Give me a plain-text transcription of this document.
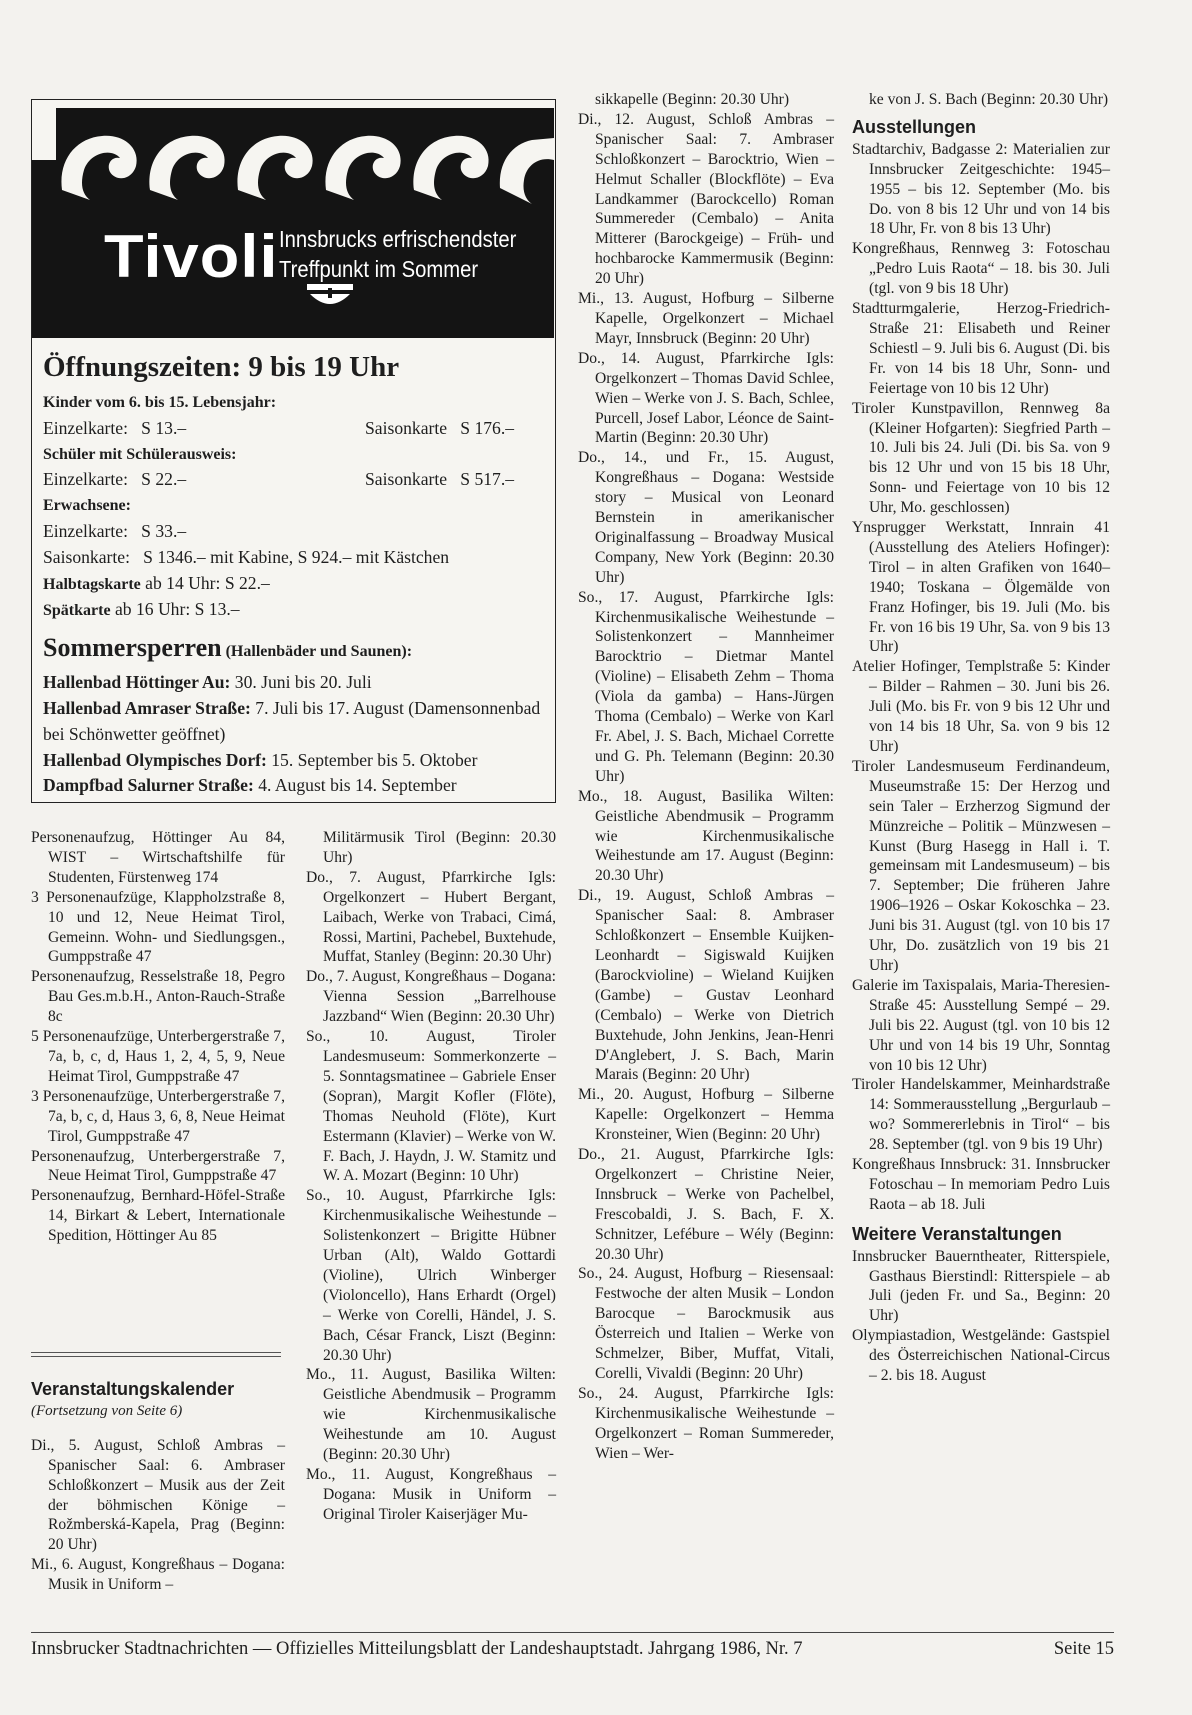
Tivoli Innsbrucks erfrischendster
Treffpunkt im Sommer

Öffnungszeiten: 9 bis 19 Uhr

Kinder vom 6. bis 15. Lebensjahr:

Einzelkarte:   S 13.–	Saisonkarte   S 176.–

Schüler mit Schülerausweis:

Einzelkarte:   S 22.–	Saisonkarte   S 517.–

Erwachsene:

Einzelkarte:   S 33.–

Saisonkarte:   S 1346.– mit Kabine, S 924.– mit Kästchen

Halbtagskarte ab 14 Uhr: S 22.–

Spätkarte ab 16 Uhr: S 13.–

Sommersperren (Hallenbäder und Saunen):

Hallenbad Höttinger Au: 30. Juni bis 20. Juli

Hallenbad Amraser Straße: 7. Juli bis 17. August (Damensonnenbad bei Schönwetter geöffnet)

Hallenbad Olympisches Dorf: 15. September bis 5. Oktober

Dampfbad Salurner Straße: 4. August bis 14. September

Personenaufzug, Höttinger Au 84, WIST – Wirtschaftshilfe für Studenten, Fürstenweg 174

3 Personenaufzüge, Klappholzstraße 8, 10 und 12, Neue Heimat Tirol, Gemeinn. Wohn- und Siedlungsgen., Gumppstraße 47

Personenaufzug, Resselstraße 18, Pegro Bau Ges.m.b.H., Anton-Rauch-Straße 8c

5 Personenaufzüge, Unterbergerstraße 7, 7a, b, c, d, Haus 1, 2, 4, 5, 9, Neue Heimat Tirol, Gumppstraße 47

3 Personenaufzüge, Unterbergerstraße 7, 7a, b, c, d, Haus 3, 6, 8, Neue Heimat Tirol, Gumppstraße 47

Personenaufzug, Unterbergerstraße 7, Neue Heimat Tirol, Gumppstraße 47

Personenaufzug, Bernhard-Höfel-Straße 14, Birkart & Lebert, Internationale Spedition, Höttinger Au 85

Veranstaltungskalender

(Fortsetzung von Seite 6)

Di., 5. August, Schloß Ambras – Spanischer Saal: 6. Ambraser Schloßkonzert – Musik aus der Zeit der böhmischen Könige – Rožmberská-Kapela, Prag (Beginn: 20 Uhr)

Mi., 6. August, Kongreßhaus – Dogana: Musik in Uniform –

Militärmusik Tirol (Beginn: 20.30 Uhr)

Do., 7. August, Pfarrkirche Igls: Orgelkonzert – Hubert Bergant, Laibach, Werke von Trabaci, Cimá, Rossi, Martini, Pachebel, Buxtehude, Muffat, Stanley (Beginn: 20.30 Uhr)

Do., 7. August, Kongreßhaus – Dogana: Vienna Session „Barrelhouse Jazzband“ Wien (Beginn: 20.30 Uhr)

So., 10. August, Tiroler Landesmuseum: Sommerkonzerte – 5. Sonntagsmatinee – Gabriele Enser (Sopran), Margit Kofler (Flöte), Thomas Neuhold (Flöte), Kurt Estermann (Klavier) – Werke von W. F. Bach, J. Haydn, J. W. Stamitz und W. A. Mozart (Beginn: 10 Uhr)

So., 10. August, Pfarrkirche Igls: Kirchenmusikalische Weihestunde – Solistenkonzert – Brigitte Hübner Urban (Alt), Waldo Gottardi (Violine), Ulrich Winberger (Violoncello), Hans Erhardt (Orgel) – Werke von Corelli, Händel, J. S. Bach, César Franck, Liszt (Beginn: 20.30 Uhr)

Mo., 11. August, Basilika Wilten: Geistliche Abendmusik – Programm wie Kirchenmusikalische Weihestunde am 10. August (Beginn: 20.30 Uhr)

Mo., 11. August, Kongreßhaus – Dogana: Musik in Uniform – Original Tiroler Kaiserjäger Mu-

sikkapelle (Beginn: 20.30 Uhr)

Di., 12. August, Schloß Ambras – Spanischer Saal: 7. Ambraser Schloßkonzert – Barocktrio, Wien – Helmut Schaller (Blockflöte) – Eva Landkammer (Barockcello) Roman Summereder (Cembalo) – Anita Mitterer (Barockgeige) – Früh- und hochbarocke Kammermusik (Beginn: 20 Uhr)

Mi., 13. August, Hofburg – Silberne Kapelle, Orgelkonzert – Michael Mayr, Innsbruck (Beginn: 20 Uhr)

Do., 14. August, Pfarrkirche Igls: Orgelkonzert – Thomas David Schlee, Wien – Werke von J. S. Bach, Schlee, Purcell, Josef Labor, Léonce de Saint-Martin (Beginn: 20.30 Uhr)

Do., 14., und Fr., 15. August, Kongreßhaus – Dogana: Westside story – Musical von Leonard Bernstein in amerikanischer Originalfassung – Broadway Musical Company, New York (Beginn: 20.30 Uhr)

So., 17. August, Pfarrkirche Igls: Kirchenmusikalische Weihestunde – Solistenkonzert – Mannheimer Barocktrio – Dietmar Mantel (Violine) – Elisabeth Zehm – Thoma (Viola da gamba) – Hans-Jürgen Thoma (Cembalo) – Werke von Karl Fr. Abel, J. S. Bach, Michael Corrette und G. Ph. Telemann (Beginn: 20.30 Uhr)

Mo., 18. August, Basilika Wilten: Geistliche Abendmusik – Programm wie Kirchenmusikalische Weihestunde am 17. August (Beginn: 20.30 Uhr)

Di., 19. August, Schloß Ambras – Spanischer Saal: 8. Ambraser Schloßkonzert – Ensemble Kuijken-Leonhardt – Sigiswald Kuijken (Barockvioline) – Wieland Kuijken (Gambe) – Gustav Leonhard (Cembalo) – Werke von Dietrich Buxtehude, John Jenkins, Jean-Henri D'Anglebert, J. S. Bach, Marin Marais (Beginn: 20 Uhr)

Mi., 20. August, Hofburg – Silberne Kapelle: Orgelkonzert – Hemma Kronsteiner, Wien (Beginn: 20 Uhr)

Do., 21. August, Pfarrkirche Igls: Orgelkonzert – Christine Neier, Innsbruck – Werke von Pachelbel, Frescobaldi, J. S. Bach, F. X. Schnitzer, Lefébure – Wély (Beginn: 20.30 Uhr)

So., 24. August, Hofburg – Riesensaal: Festwoche der alten Musik – London Barocque – Barockmusik aus Österreich und Italien – Werke von Schmelzer, Biber, Muffat, Vitali, Corelli, Vivaldi (Beginn: 20 Uhr)

So., 24. August, Pfarrkirche Igls: Kirchenmusikalische Weihestunde – Orgelkonzert – Roman Summereder, Wien – Wer-

ke von J. S. Bach (Beginn: 20.30 Uhr)

Ausstellungen

Stadtarchiv, Badgasse 2: Materialien zur Innsbrucker Zeitgeschichte: 1945–1955 – bis 12. September (Mo. bis Do. von 8 bis 12 Uhr und von 14 bis 18 Uhr, Fr. von 8 bis 13 Uhr)

Kongreßhaus, Rennweg 3: Fotoschau „Pedro Luis Raota“ – 18. bis 30. Juli (tgl. von 9 bis 18 Uhr)

Stadtturmgalerie, Herzog-Friedrich-Straße 21: Elisabeth und Reiner Schiestl – 9. Juli bis 6. August (Di. bis Fr. von 14 bis 18 Uhr, Sonn- und Feiertage von 10 bis 12 Uhr)

Tiroler Kunstpavillon, Rennweg 8a (Kleiner Hofgarten): Siegfried Parth – 10. Juli bis 24. Juli (Di. bis Sa. von 9 bis 12 Uhr und von 15 bis 18 Uhr, Sonn- und Feiertage von 10 bis 12 Uhr, Mo. geschlossen)

Ynsprugger Werkstatt, Innrain 41 (Ausstellung des Ateliers Hofinger): Tirol – in alten Grafiken von 1640–1940; Toskana – Ölgemälde von Franz Hofinger, bis 19. Juli (Mo. bis Fr. von 16 bis 19 Uhr, Sa. von 9 bis 13 Uhr)

Atelier Hofinger, Templstraße 5: Kinder – Bilder – Rahmen – 30. Juni bis 26. Juli (Mo. bis Fr. von 9 bis 12 Uhr und von 14 bis 18 Uhr, Sa. von 9 bis 12 Uhr)

Tiroler Landesmuseum Ferdinandeum, Museumstraße 15: Der Herzog und sein Taler – Erzherzog Sigmund der Münzreiche – Politik – Münzwesen – Kunst (Burg Hasegg in Hall i. T. gemeinsam mit Landesmuseum) – bis 7. September; Die früheren Jahre 1906–1926 – Oskar Kokoschka – 23. Juni bis 31. August (tgl. von 10 bis 17 Uhr, Do. zusätzlich von 19 bis 21 Uhr)

Galerie im Taxispalais, Maria-Theresien-Straße 45: Ausstellung Sempé – 29. Juli bis 22. August (tgl. von 10 bis 12 Uhr und von 14 bis 19 Uhr, Sonntag von 10 bis 12 Uhr)

Tiroler Handelskammer, Meinhardstraße 14: Sommerausstellung „Bergurlaub – wo? Sommererlebnis in Tirol“ – bis 28. September (tgl. von 9 bis 19 Uhr)

Kongreßhaus Innsbruck: 31. Innsbrucker Fotoschau – In memoriam Pedro Luis Raota – ab 18. Juli

Weitere Veranstaltungen

Innsbrucker Bauerntheater, Ritterspiele, Gasthaus Bierstindl: Ritterspiele – ab Juli (jeden Fr. und Sa., Beginn: 20 Uhr)

Olympiastadion, Westgelände: Gastspiel des Österreichischen National-Circus – 2. bis 18. August

Innsbrucker Stadtnachrichten — Offizielles Mitteilungsblatt der Landeshauptstadt. Jahrgang 1986, Nr. 7	Seite 15
